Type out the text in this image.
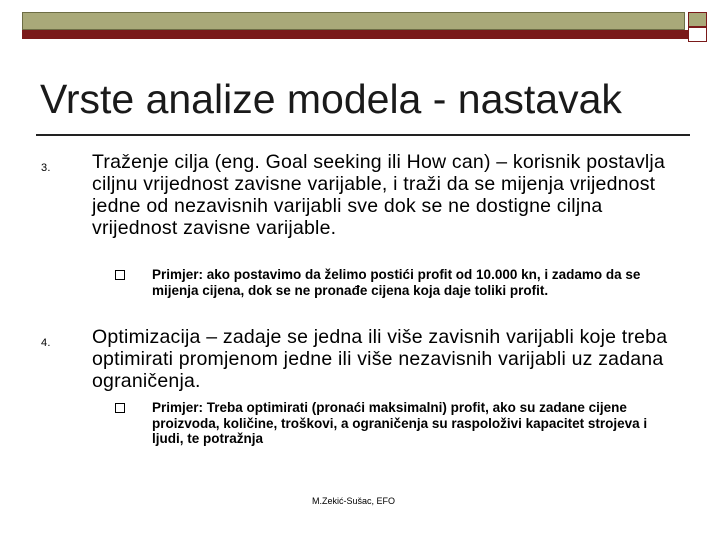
Vrste analize modela - nastavak
3. Traženje cilja (eng. Goal seeking ili How can) – korisnik postavlja ciljnu vrijednost zavisne varijable, i traži da se mijenja vrijednost jedne od nezavisnih varijabli sve dok se ne dostigne ciljna vrijednost zavisne varijable.
Primjer: ako postavimo da želimo postići profit od 10.000 kn, i zadamo da se mijenja cijena, dok se ne pronađe cijena koja daje toliki profit.
4. Optimizacija – zadaje se jedna ili više zavisnih varijabli koje treba optimirati promjenom jedne ili više nezavisnih varijabli uz zadana ograničenja.
Primjer: Treba optimirati (pronaći maksimalni) profit, ako su zadane cijene proizvoda, količine, troškovi, a ograničenja su raspoloživi kapacitet strojeva i ljudi, te potražnja
M.Zekić-Sušac, EFO
